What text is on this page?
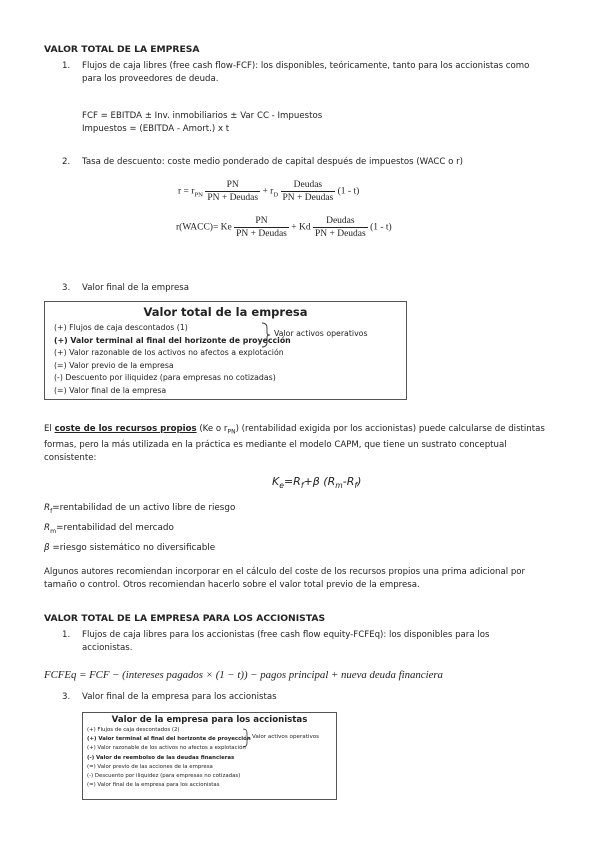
VALOR TOTAL DE LA EMPRESA
1. Flujos de caja libres (free cash flow-FCF): los disponibles, teóricamente, tanto para los accionistas como
para los proveedores de deuda.
FCF = EBITDA ± Inv. inmobiliarios ± Var CC - Impuestos
Impuestos = (EBITDA - Amort.) x t
2. Tasa de descuento: coste medio ponderado de capital después de impuestos (WACC o r)
$r = r_{PN} \frac{PN}{\text{PN + Deudas}} + r_D \frac{\text{Deudas}}{\text{PN + Deudas}} (1 - t)$
r(WACC)= Ke $\frac{PN}{\text{PN + Deudas}} + Kd \frac{\text{Deudas}}{\text{PN + Deudas}} (1 - t)$
3. Valor final de la empresa
Valor total de la empresa
(+) Flujos de caja descontados (1)
(+) Valor terminal al final del horizonte de proyección
(+) Valor razonable de los activos no afectos a explotación
(=) Valor previo de la empresa
(-) Descuento por iliquidez (para empresas no cotizadas)
(=) Valor final de la empresa
Valor activos operativos
El coste de los recursos propios (Ke o $r_{PN}$) (rentabilidad exigida por los accionistas) puede calcularse de distintas
formas, pero la más utilizada en la práctica es mediante el modelo CAPM, que tiene un sustrato conceptual
consistente:
$K_e=R_f+\beta$ $(R_m-R_f)$
$R_f=rentabilidad$ de un activo libre de riesgo
$R_m=rentabilidad$ del mercado
β =riesgo sistemático no diversificable
Algunos autores recomiendan incorporar en el cálculo del coste de los recursos propios una prima adicional por
tamaño o control. Otros recomiendan hacerlo sobre el valor total previo de la empresa.
VALOR TOTAL DE LA EMPRESA PARA LOS ACCIONISTAS
1. Flujos de caja libres para los accionistas (free cash flow equity-FCFEq): los disponibles para los
accionistas.
FCFEq = FCF − (intereses pagados × (1 − t)) − pagos principal + nueva deuda financiera
3. Valor final de la empresa para los accionistas
Valor de la empresa para los accionistas
(+) Flujos de caja descontados (2)
(+) Valor terminal al final del horizonte de proyección
(+) Valor razonable de los activos no afectos a explotación
(-) Valor de reembolso de las deudas financieras
(=) Valor previo de las acciones de la empresa
(-) Descuento por iliquidez (para empresas no cotizadas)
(=) Valor final de la empresa para los accionistas
Valor activos operativos
